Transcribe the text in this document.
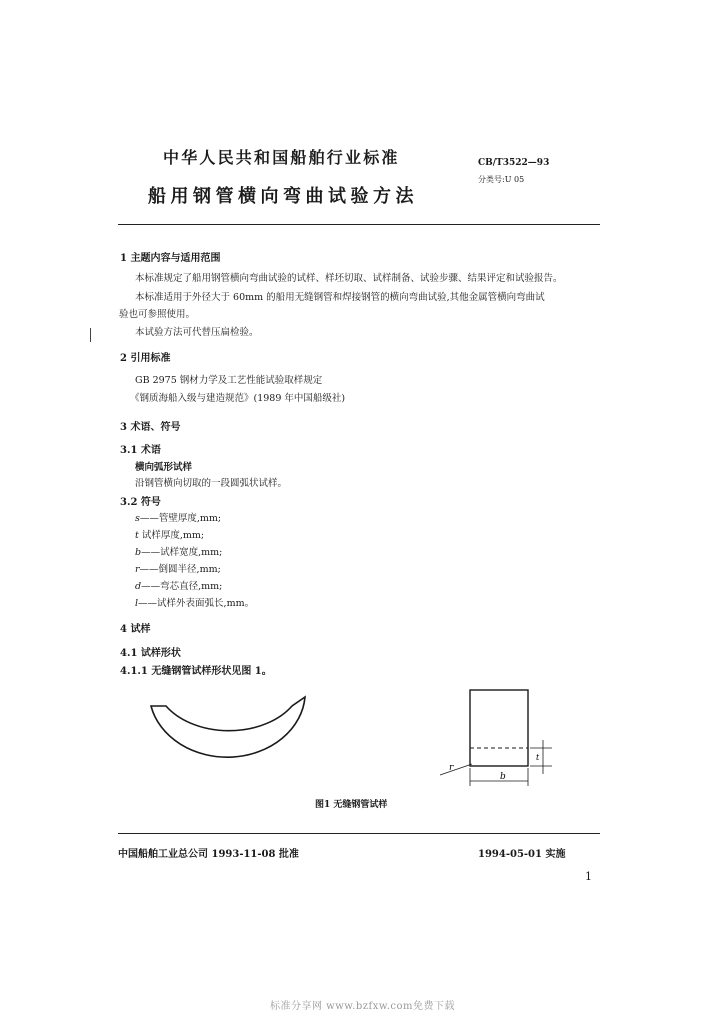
中华人民共和国船舶行业标准	CB/T3522—93
分类号:U 05
船用钢管横向弯曲试验方法
1 主题内容与适用范围
本标准规定了船用钢管横向弯曲试验的试样、样坯切取、试样制备、试验步骤、结果评定和试验报告。
本标准适用于外径大于 60mm 的船用无缝钢管和焊接钢管的横向弯曲试验,其他金属管横向弯曲试
验也可参照使用。
本试验方法可代替压扁检验。
2 引用标准
GB 2975 钢材力学及工艺性能试验取样规定
《钢质海船入级与建造规范》(1989 年中国船级社)
3 术语、符号
3.1 术语
横向弧形试样
沿钢管横向切取的一段圆弧状试样。
3.2 符号
s——管壁厚度,mm;
t 试样厚度,mm;
b——试样宽度,mm;
r——倒圆半径,mm;
d——弯芯直径,mm;
l——试样外表面弧长,mm。
4 试样
4.1 试样形状
4.1.1 无缝钢管试样形状见图 1。
r
b
t
图1 无缝钢管试样
中国船舶工业总公司 1993-11-08 批准	1994-05-01 实施
1
标准分享网 www.bzfxw.com免费下载
